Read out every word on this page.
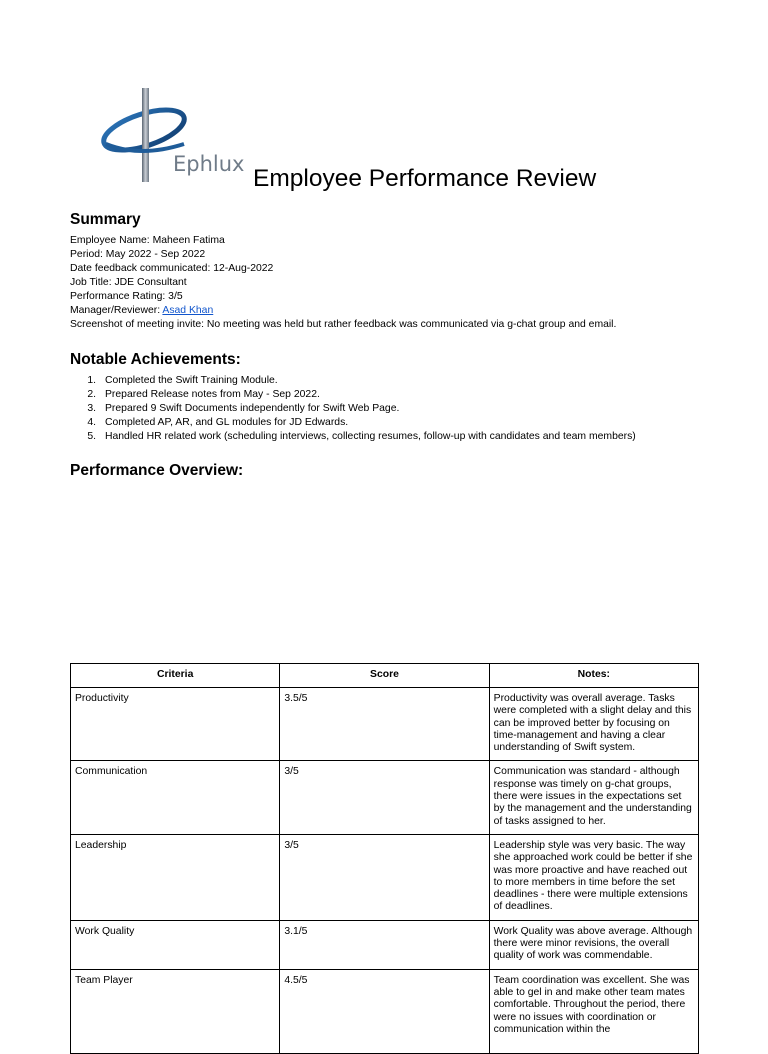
Ephlux
Employee Performance Review
Summary
Employee Name: Maheen Fatima
Period: May 2022 - Sep 2022
Date feedback communicated: 12-Aug-2022
Job Title: JDE Consultant
Performance Rating: 3/5
Manager/Reviewer: Asad Khan
Screenshot of meeting invite: No meeting was held but rather feedback was communicated via g-chat group and email.
Notable Achievements:
1. Completed the Swift Training Module.
2. Prepared Release notes from May - Sep 2022.
3. Prepared 9 Swift Documents independently for Swift Web Page.
4. Completed AP, AR, and GL modules for JD Edwards.
5. Handled HR related work (scheduling interviews, collecting resumes, follow-up with candidates and team members)
Performance Overview:
Criteria	Score	Notes:
Productivity	3.5/5	Productivity was overall average. Tasks were completed with a slight delay and this can be improved better by focusing on time-management and having a clear understanding of Swift system.
Communication	3/5	Communication was standard - although response was timely on g-chat groups, there were issues in the expectations set by the management and the understanding of tasks assigned to her.
Leadership	3/5	Leadership style was very basic. The way she approached work could be better if she was more proactive and have reached out to more members in time before the set deadlines - there were multiple extensions of deadlines.
Work Quality	3.1/5	Work Quality was above average. Although there were minor revisions, the overall quality of work was commendable.
Team Player	4.5/5	Team coordination was excellent. She was able to gel in and make other team mates comfortable. Throughout the period, there were no issues with coordination or communication within the
